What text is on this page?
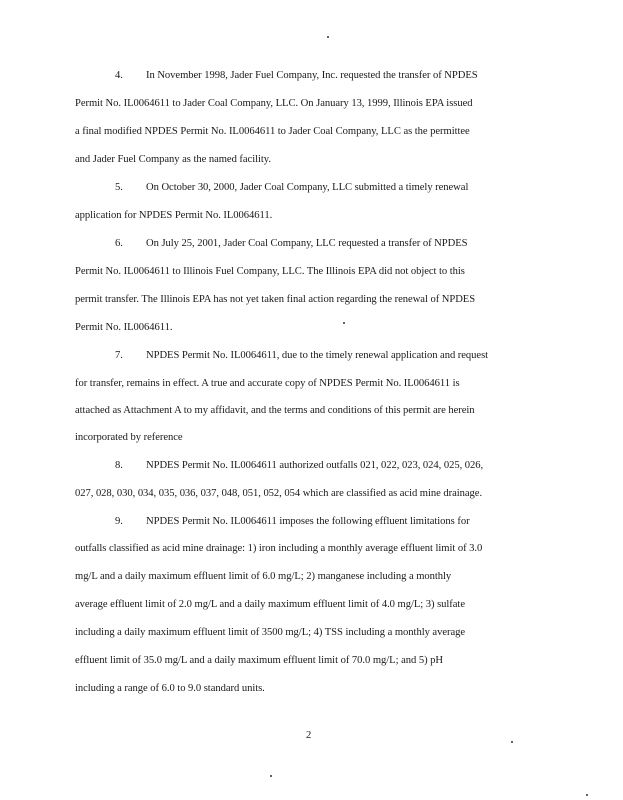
4. In November 1998, Jader Fuel Company, Inc. requested the transfer of NPDES
Permit No. IL0064611 to Jader Coal Company, LLC. On January 13, 1999, Illinois EPA issued
a final modified NPDES Permit No. IL0064611 to Jader Coal Company, LLC as the permittee
and Jader Fuel Company as the named facility.
5. On October 30, 2000, Jader Coal Company, LLC submitted a timely renewal
application for NPDES Permit No. IL0064611.
6. On July 25, 2001, Jader Coal Company, LLC requested a transfer of NPDES
Permit No. IL0064611 to Illinois Fuel Company, LLC. The Illinois EPA did not object to this
permit transfer. The Illinois EPA has not yet taken final action regarding the renewal of NPDES
Permit No. IL0064611.
7. NPDES Permit No. IL0064611, due to the timely renewal application and request
for transfer, remains in effect. A true and accurate copy of NPDES Permit No. IL0064611 is
attached as Attachment A to my affidavit, and the terms and conditions of this permit are herein
incorporated by reference
8. NPDES Permit No. IL0064611 authorized outfalls 021, 022, 023, 024, 025, 026,
027, 028, 030, 034, 035, 036, 037, 048, 051, 052, 054 which are classified as acid mine drainage.
9. NPDES Permit No. IL0064611 imposes the following effluent limitations for
outfalls classified as acid mine drainage: 1) iron including a monthly average effluent limit of 3.0
mg/L and a daily maximum effluent limit of 6.0 mg/L; 2) manganese including a monthly
average effluent limit of 2.0 mg/L and a daily maximum effluent limit of 4.0 mg/L; 3) sulfate
including a daily maximum effluent limit of 3500 mg/L; 4) TSS including a monthly average
effluent limit of 35.0 mg/L and a daily maximum effluent limit of 70.0 mg/L; and 5) pH
including a range of 6.0 to 9.0 standard units.
2
